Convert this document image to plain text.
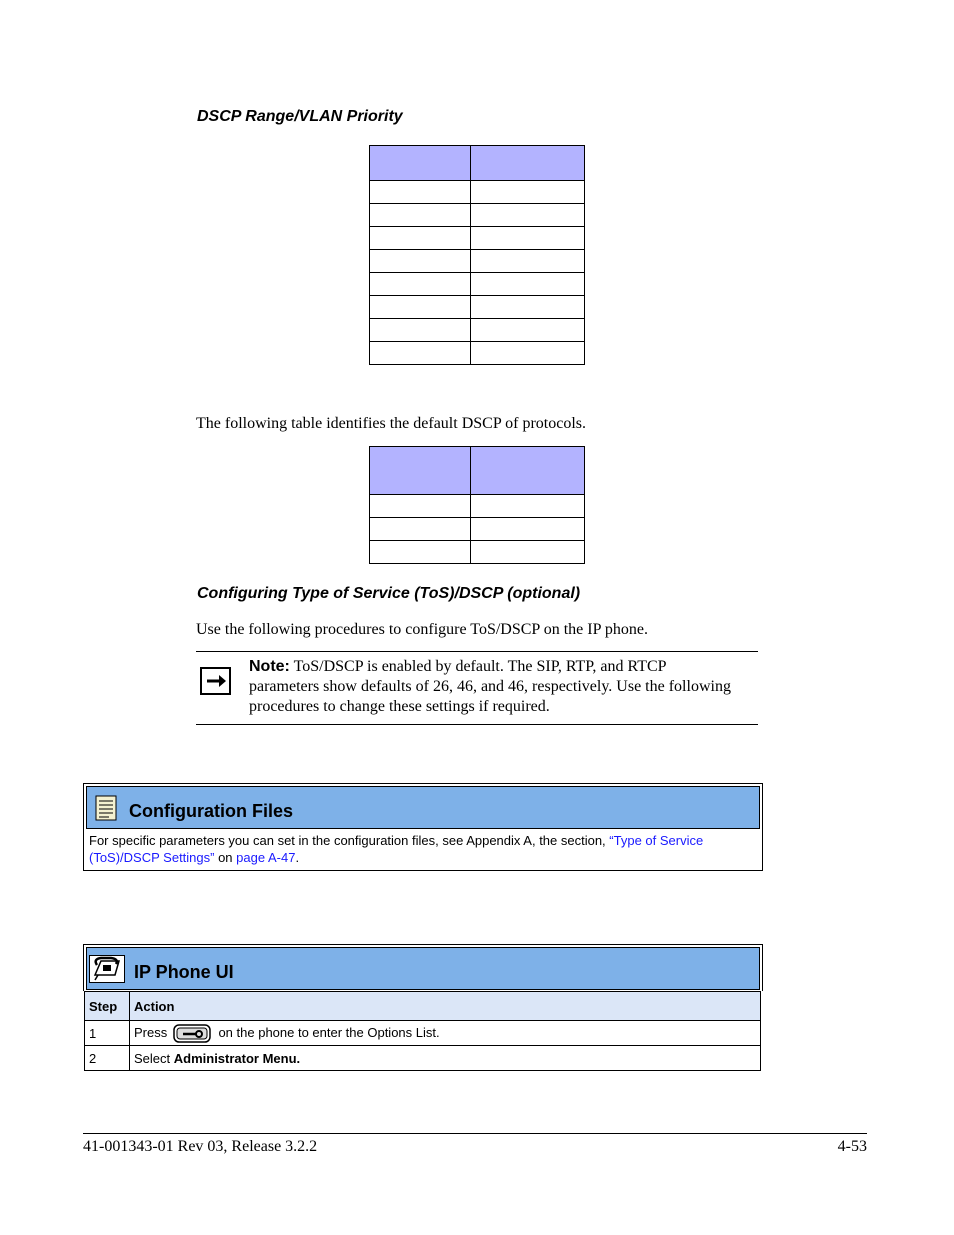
DSCP Range/VLAN Priority

The following table identifies the default DSCP of protocols.

Configuring Type of Service (ToS)/DSCP (optional)
Use the following procedures to configure ToS/DSCP on the IP phone.
Note: ToS/DSCP is enabled by default. The SIP, RTP, and RTCP parameters show defaults of 26, 46, and 46, respectively. Use the following procedures to change these settings if required.
Configuration Files
For specific parameters you can set in the configuration files, see Appendix A, the section, “Type of Service (ToS)/DSCP Settings” on page A-47.
IP Phone UI
Step	Action
1	Press on the phone to enter the Options List.
2	Select Administrator Menu.
41-001343-01 Rev 03, Release 3.2.2	4-53
